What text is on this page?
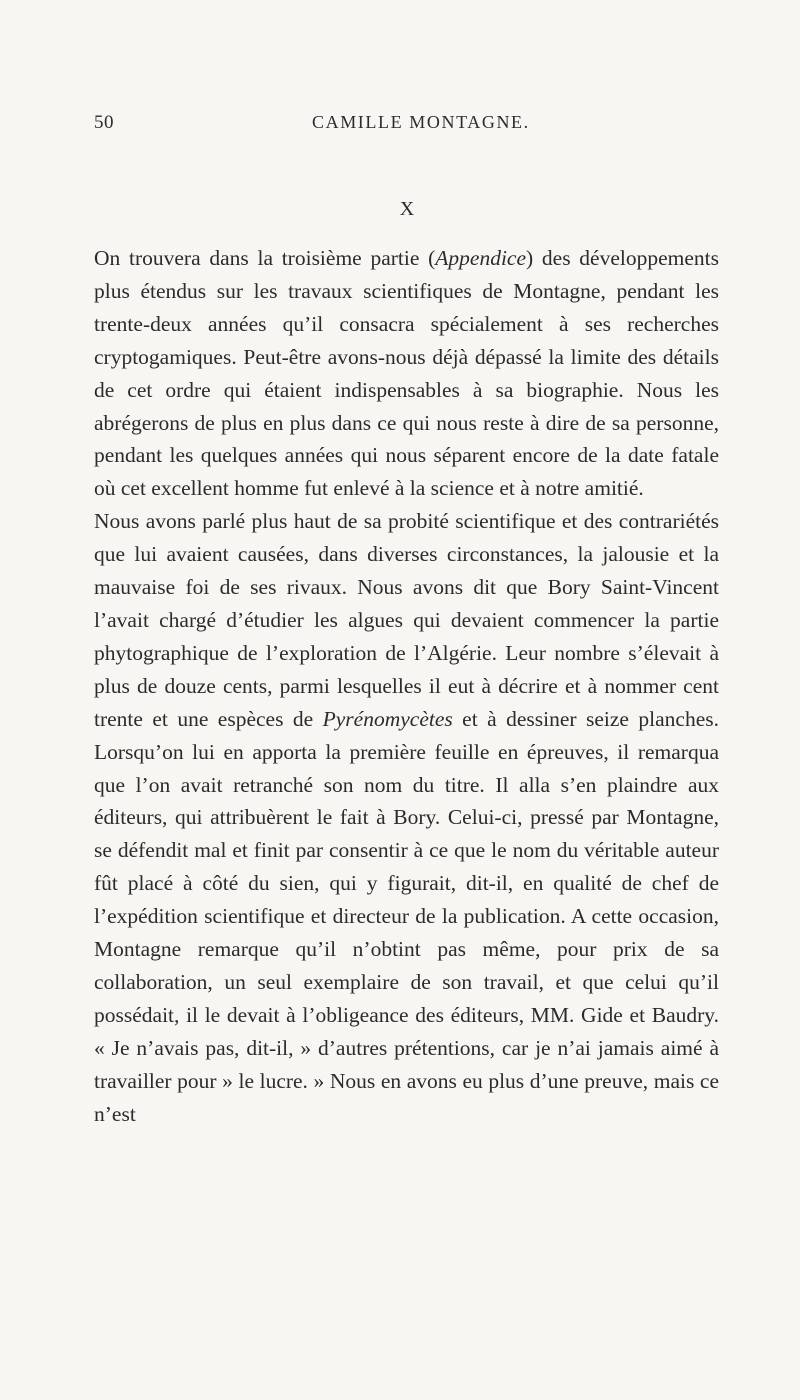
50	CAMILLE MONTAGNE.
X

On trouvera dans la troisième partie (Appendice) des développements plus étendus sur les travaux scientifiques de Montagne, pendant les trente-deux années qu’il consacra spécialement à ses recherches cryptogamiques. Peut-être avons-nous déjà dépassé la limite des détails de cet ordre qui étaient indispensables à sa biographie. Nous les abrégerons de plus en plus dans ce qui nous reste à dire de sa personne, pendant les quelques années qui nous séparent encore de la date fatale où cet excellent homme fut enlevé à la science et à notre amitié.

Nous avons parlé plus haut de sa probité scientifique et des contrariétés que lui avaient causées, dans diverses circonstances, la jalousie et la mauvaise foi de ses rivaux. Nous avons dit que Bory Saint-Vincent l’avait chargé d’étudier les algues qui devaient commencer la partie phytographique de l’exploration de l’Algérie. Leur nombre s’élevait à plus de douze cents, parmi lesquelles il eut à décrire et à nommer cent trente et une espèces de Pyrénomycètes et à dessiner seize planches. Lorsqu’on lui en apporta la première feuille en épreuves, il remarqua que l’on avait retranché son nom du titre. Il alla s’en plaindre aux éditeurs, qui attribuèrent le fait à Bory. Celui-ci, pressé par Montagne, se défendit mal et finit par consentir à ce que le nom du véritable auteur fût placé à côté du sien, qui y figurait, dit-il, en qualité de chef de l’expédition scientifique et directeur de la publication. A cette occasion, Montagne remarque qu’il n’obtint pas même, pour prix de sa collaboration, un seul exemplaire de son travail, et que celui qu’il possédait, il le devait à l’obligeance des éditeurs, MM. Gide et Baudry. « Je n’avais pas, dit-il, » d’autres prétentions, car je n’ai jamais aimé à travailler pour » le lucre. » Nous en avons eu plus d’une preuve, mais ce n’est
